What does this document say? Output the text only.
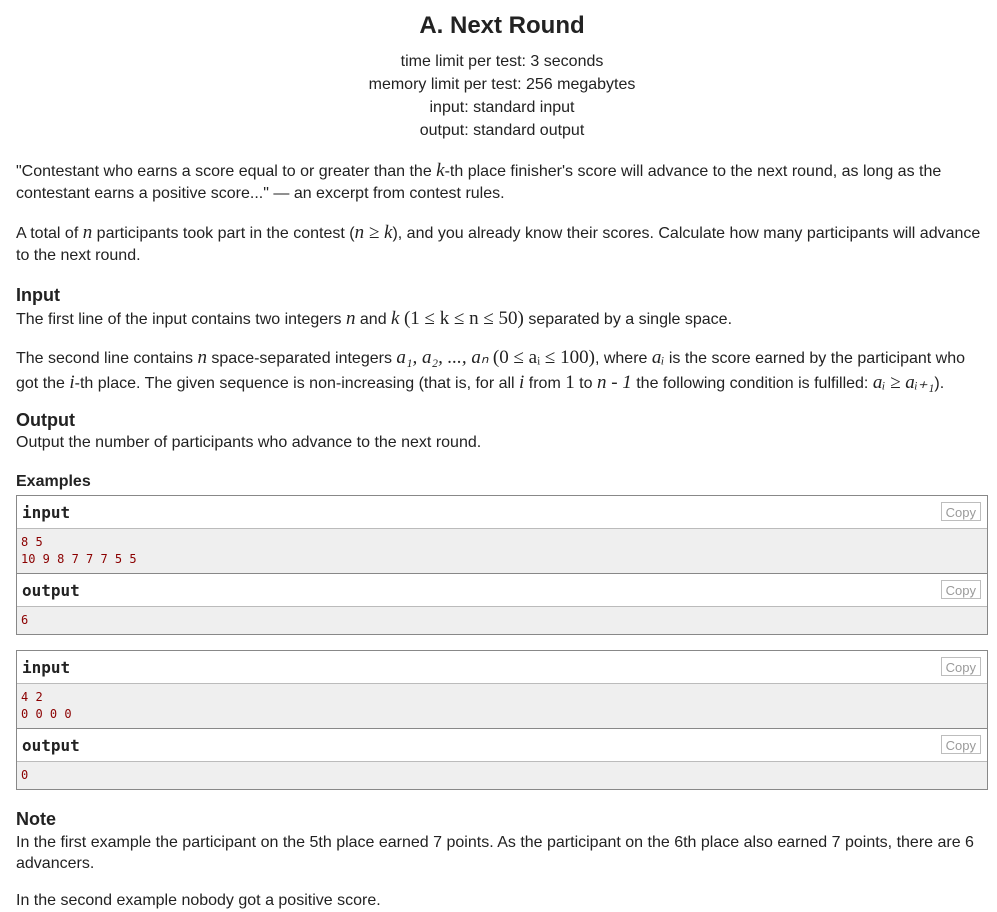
A. Next Round
time limit per test: 3 seconds
memory limit per test: 256 megabytes
input: standard input
output: standard output

"Contestant who earns a score equal to or greater than the k-th place finisher's score will advance to the next round, as long as the contestant earns a positive score..." — an excerpt from contest rules.

A total of n participants took part in the contest (n ≥ k), and you already know their scores. Calculate how many participants will advance to the next round.

Input

The first line of the input contains two integers n and k (1 ≤ k ≤ n ≤ 50) separated by a single space.

The second line contains n space-separated integers a₁, a₂, ..., aₙ (0 ≤ aᵢ ≤ 100), where aᵢ is the score earned by the participant who got the i-th place. The given sequence is non-increasing (that is, for all i from 1 to n - 1 the following condition is fulfilled: aᵢ ≥ aᵢ₊₁).

Output

Output the number of participants who advance to the next round.

Examples
input	Copy
8 5
10 9 8 7 7 7 5 5
output	Copy
6
input	Copy
4 2
0 0 0 0
output	Copy
0
Note

In the first example the participant on the 5th place earned 7 points. As the participant on the 6th place also earned 7 points, there are 6 advancers.

In the second example nobody got a positive score.
